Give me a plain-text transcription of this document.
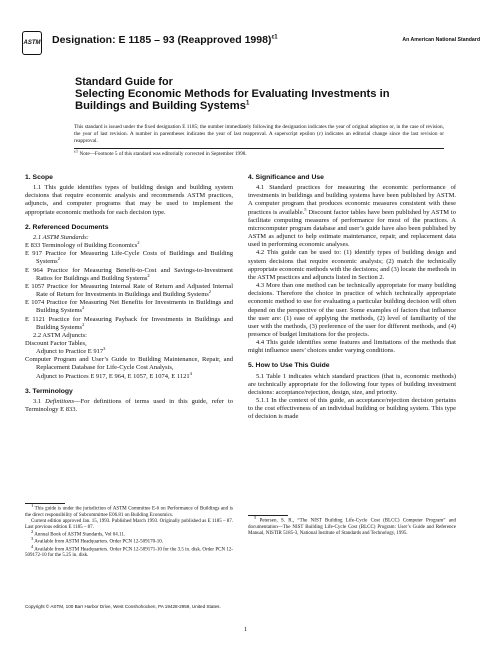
ASTM Designation: E 1185 – 93 (Reapproved 1998)$^{\varepsilon 1}$	An American National Standard
Standard Guide for
Selecting Economic Methods for Evaluating Investments in
Buildings and Building Systems$^1$
This standard is issued under the fixed designation E 1185; the number immediately following the designation indicates the year of original adoption or, in the case of revision, the year of last revision. A number in parentheses indicates the year of last reapproval. A superscript epsilon (ε) indicates an editorial change since the last revision or reapproval.
$^{\varepsilon 1}$ Note—Footnote 5 of this standard was editorially corrected in September 1998.

1. Scope

1.1 This guide identifies types of building design and building system decisions that require economic analysis and recommends ASTM practices, adjuncts, and computer programs that may be used to implement the appropriate economic methods for each decision type.

2. Referenced Documents

2.1 ASTM Standards:

E 833 Terminology of Building Economics$^2$

E 917 Practice for Measuring Life-Cycle Costs of Buildings and Building Systems$^2$

E 964 Practice for Measuring Benefit-to-Cost and Savings-to-Investment Ratios for Buildings and Building Systems$^2$

E 1057 Practice for Measuring Internal Rate of Return and Adjusted Internal Rate of Return for Investments in Buildings and Building Systems$^2$

E 1074 Practice for Measuring Net Benefits for Investments in Buildings and Building Systems$^2$

E 1121 Practice for Measuring Payback for Investments in Buildings and Building Systems$^2$

2.2 ASTM Adjuncts:

Discount Factor Tables,

Adjunct to Practice E $917^3$

Computer Program and User’s Guide to Building Maintenance, Repair, and Replacement Database for Life-Cycle Cost Analysis,

Adjunct to Practices E 917, E 964, E 1057, E 1074, E 1121$^4$

3. Terminology

3.1 Definitions—For definitions of terms used in this guide, refer to Terminology E 833.

4. Significance and Use

4.1 Standard practices for measuring the economic performance of investments in buildings and building systems have been published by ASTM. A computer program that produces economic measures consistent with these practices is available.$^5$ Discount factor tables have been published by ASTM to facilitate computing measures of performance for most of the practices. A microcomputer program database and user’s guide have also been published by ASTM as adjunct to help estimate maintenance, repair, and replacement data used in performing economic analyses.

4.2 This guide can be used to: (1) identify types of building design and system decisions that require economic analysis; (2) match the technically appropriate economic methods with the decisions; and (3) locate the methods in the ASTM practices and adjuncts listed in Section 2.

4.3 More than one method can be technically appropriate for many building decisions. Therefore the choice in practice of which technically appropriate economic method to use for evaluating a particular building decision will often depend on the perspective of the user. Some examples of factors that influence the user are: (1) ease of applying the methods, (2) level of familiarity of the user with the methods, (3) preference of the user for different methods, and (4) presence of budget limitations for the projects.

4.4 This guide identifies some features and limitations of the methods that might influence users’ choices under varying conditions.

5. How to Use This Guide

5.1 Table 1 indicates which standard practices (that is, economic methods) are technically appropriate for the following four types of building investment decisions: acceptance/rejection, design, size, and priority.

5.1.1 In the context of this guide, an acceptance/rejection decision pertains to the cost effectiveness of an individual building or building system. This type of decision is made

$^1$ This guide is under the jurisdiction of ASTM Committee E-6 on Performance of Buildings and is the direct responsibility of Subcommittee E06.81 on Building Economics.

Current edition approved Jan. 15, 1993. Published March 1993. Originally published as E 1185 – 87. Last previous edition E 1185 – 87.

$^2$ Annual Book of ASTM Standards, Vol 04.11.

$^3$ Available from ASTM Headquarters. Order PCN 12-509170-10.

$^4$ Available from ASTM Headquarters. Order PCN 12-509171-10 for the 3.5 in. disk. Order PCN 12-509172-10 for the 5.25 in. disk.

$^5$ Petersen, S. R., “The NIST Building Life-Cycle Cost (BLCC) Computer Program” and documentation—The NIST Building Life-Cycle Cost (BLCC) Program: User’s Guide and Reference Manual, NISTIR 5185-3, National Institute of Standards and Technology, 1995.

Copyright © ASTM, 100 Barr Harbor Drive, West Conshohocken, PA 19428-2959, United States.
1
